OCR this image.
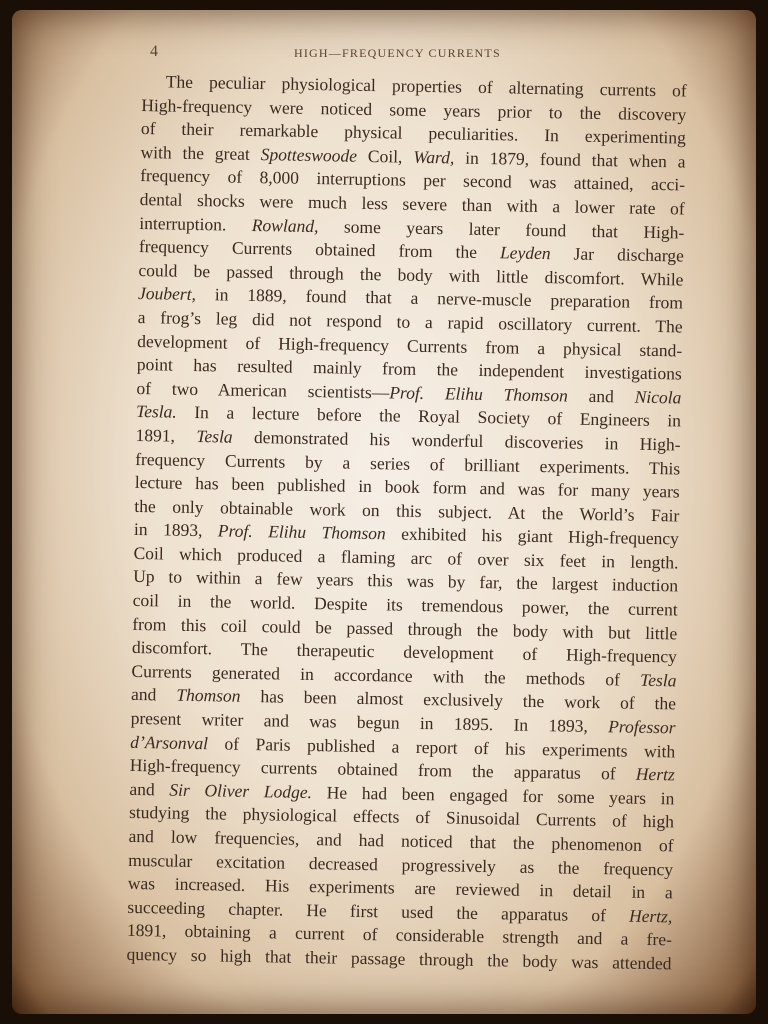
4	HIGH—FREQUENCY CURRENTS
The peculiar physiological properties of alternating currents of
High-frequency were noticed some years prior to the discovery
of their remarkable physical peculiarities. In experimenting
with the great Spotteswoode Coil, Ward, in 1879, found that when a
frequency of 8,000 interruptions per second was attained, acci-
dental shocks were much less severe than with a lower rate of
interruption. Rowland, some years later found that High-
frequency Currents obtained from the Leyden Jar discharge
could be passed through the body with little discomfort. While
Joubert, in 1889, found that a nerve-muscle preparation from
a frog’s leg did not respond to a rapid oscillatory current. The
development of High-frequency Currents from a physical stand-
point has resulted mainly from the independent investigations
of two American scientists—Prof. Elihu Thomson and Nicola
Tesla. In a lecture before the Royal Society of Engineers in
1891, Tesla demonstrated his wonderful discoveries in High-
frequency Currents by a series of brilliant experiments. This
lecture has been published in book form and was for many years
the only obtainable work on this subject. At the World’s Fair
in 1893, Prof. Elihu Thomson exhibited his giant High-frequency
Coil which produced a flaming arc of over six feet in length.
Up to within a few years this was by far, the largest induction
coil in the world. Despite its tremendous power, the current
from this coil could be passed through the body with but little
discomfort. The therapeutic development of High-frequency
Currents generated in accordance with the methods of Tesla
and Thomson has been almost exclusively the work of the
present writer and was begun in 1895. In 1893, Professor
d’Arsonval of Paris published a report of his experiments with
High-frequency currents obtained from the apparatus of Hertz
and Sir Oliver Lodge. He had been engaged for some years in
studying the physiological effects of Sinusoidal Currents of high
and low frequencies, and had noticed that the phenomenon of
muscular excitation decreased progressively as the frequency
was increased. His experiments are reviewed in detail in a
succeeding chapter. He first used the apparatus of Hertz,
1891, obtaining a current of considerable strength and a fre-
quency so high that their passage through the body was attended
